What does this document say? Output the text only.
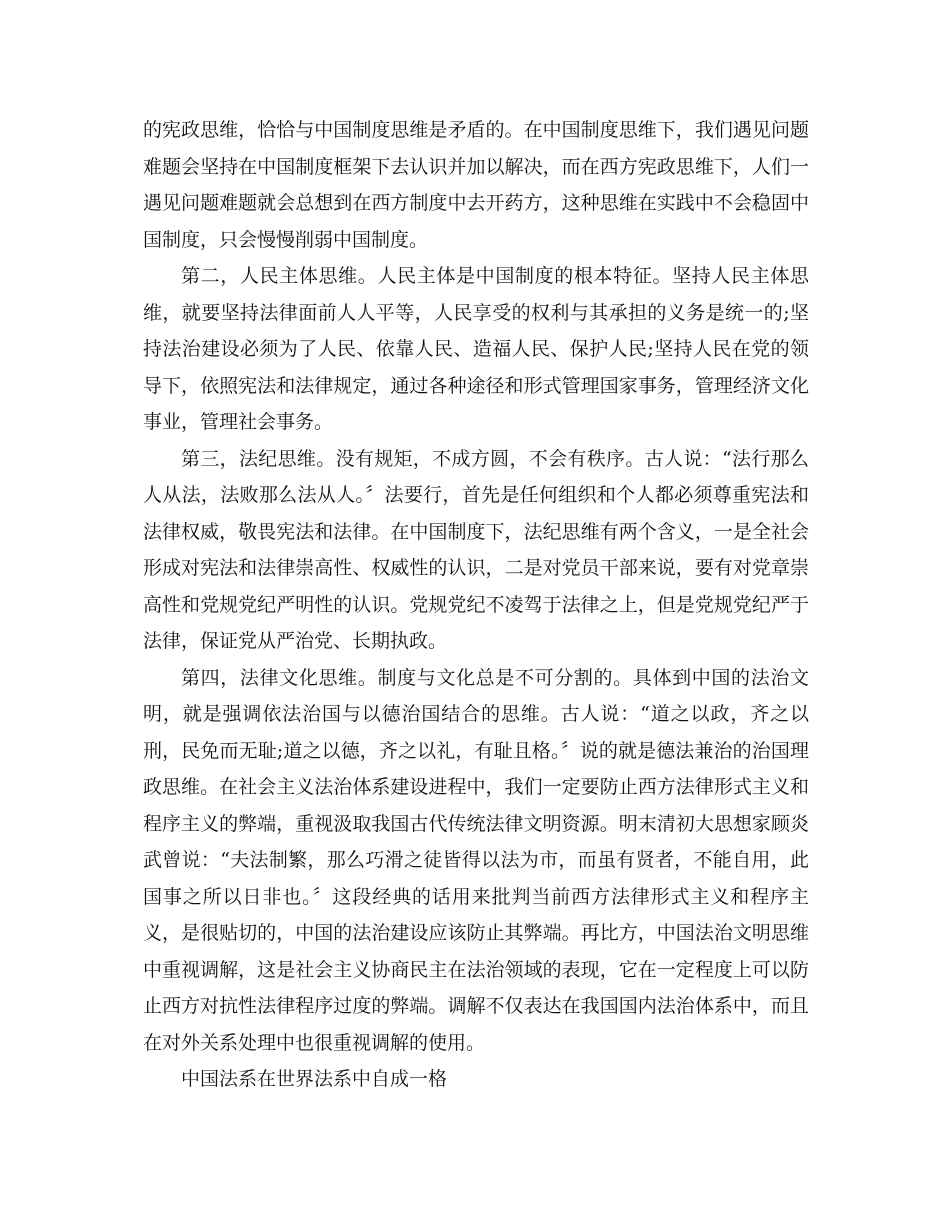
的宪政思维，恰恰与中国制度思维是矛盾的。在中国制度思维下，我们遇见问题难题会坚持在中国制度框架下去认识并加以解决，而在西方宪政思维下，人们一遇见问题难题就会总想到在西方制度中去开药方，这种思维在实践中不会稳固中国制度，只会慢慢削弱中国制度。

第二，人民主体思维。人民主体是中国制度的根本特征。坚持人民主体思维，就要坚持法律面前人人平等，人民享受的权利与其承担的义务是统一的;坚持法治建设必须为了人民、依靠人民、造福人民、保护人民;坚持人民在党的领导下，依照宪法和法律规定，通过各种途径和形式管理国家事务，管理经济文化事业，管理社会事务。

第三，法纪思维。没有规矩，不成方圆，不会有秩序。古人说：“法行那么人从法，法败那么法从人。〞法要行，首先是任何组织和个人都必须尊重宪法和法律权威，敬畏宪法和法律。在中国制度下，法纪思维有两个含义，一是全社会形成对宪法和法律崇高性、权威性的认识，二是对党员干部来说，要有对党章崇高性和党规党纪严明性的认识。党规党纪不凌驾于法律之上，但是党规党纪严于法律，保证党从严治党、长期执政。

第四，法律文化思维。制度与文化总是不可分割的。具体到中国的法治文明，就是强调依法治国与以德治国结合的思维。古人说：“道之以政，齐之以刑，民免而无耻;道之以德，齐之以礼，有耻且格。〞说的就是德法兼治的治国理政思维。在社会主义法治体系建设进程中，我们一定要防止西方法律形式主义和程序主义的弊端，重视汲取我国古代传统法律文明资源。明末清初大思想家顾炎武曾说：“夫法制繁，那么巧滑之徒皆得以法为市，而虽有贤者，不能自用，此国事之所以日非也。〞这段经典的话用来批判当前西方法律形式主义和程序主义，是很贴切的，中国的法治建设应该防止其弊端。再比方，中国法治文明思维中重视调解，这是社会主义协商民主在法治领域的表现，它在一定程度上可以防止西方对抗性法律程序过度的弊端。调解不仅表达在我国国内法治体系中，而且在对外关系处理中也很重视调解的使用。

中国法系在世界法系中自成一格
